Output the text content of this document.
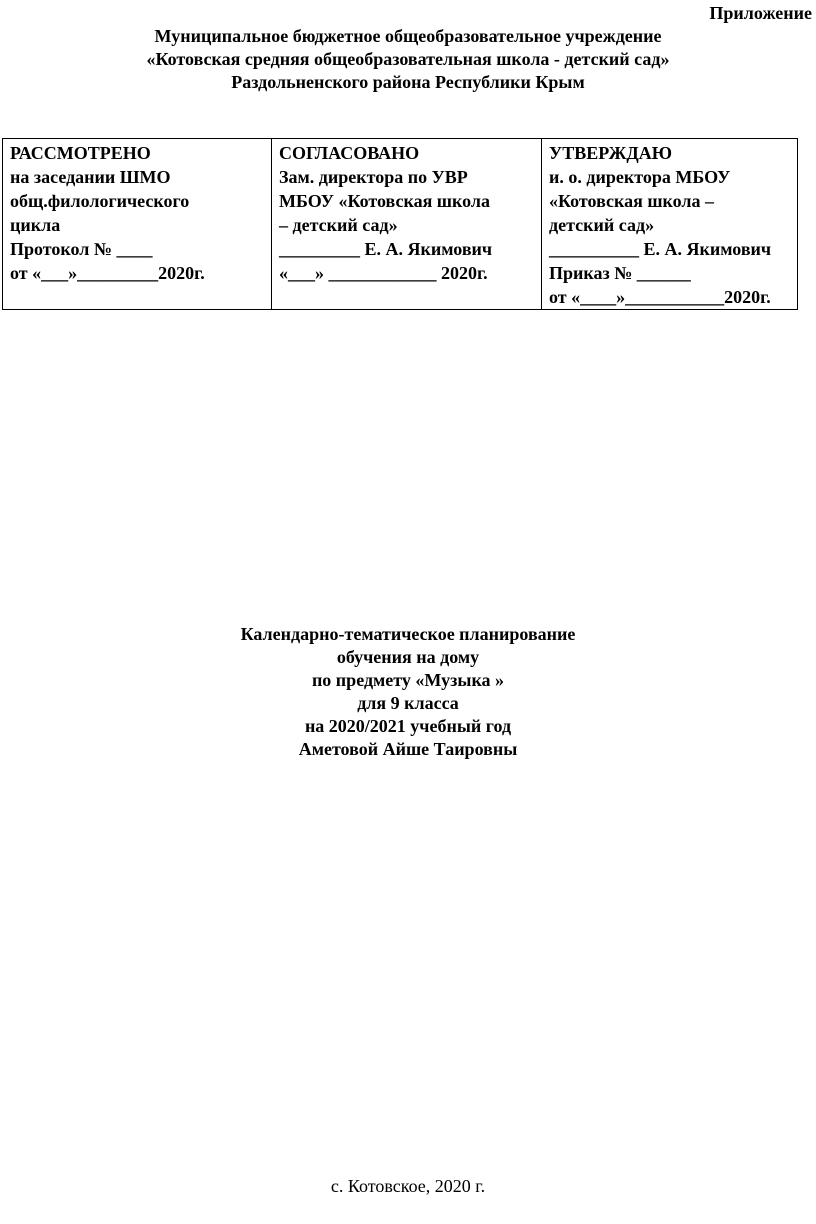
Приложение
Муниципальное бюджетное общеобразовательное учреждение
«Котовская средняя общеобразовательная школа - детский сад»
Раздольненского района Республики Крым
РАССМОТРЕНО
на заседании ШМО
общ.филологического
цикла
Протокол № ____
от «___»_________2020г.

СОГЛАСОВАНО
Зам. директора по УВР
МБОУ «Котовская школа
– детский сад»
_________ Е. А. Якимович
«___» ____________ 2020г.

УТВЕРЖДАЮ
и. о. директора МБОУ
«Котовская школа –
детский сад»
__________ Е. А. Якимович
Приказ № ______
от «____»___________2020г.
Календарно-тематическое планирование
обучения на дому
по предмету «Музыка »
для 9 класса
на 2020/2021 учебный год
Аметовой Айше Таировны
с. Котовское, 2020 г.
